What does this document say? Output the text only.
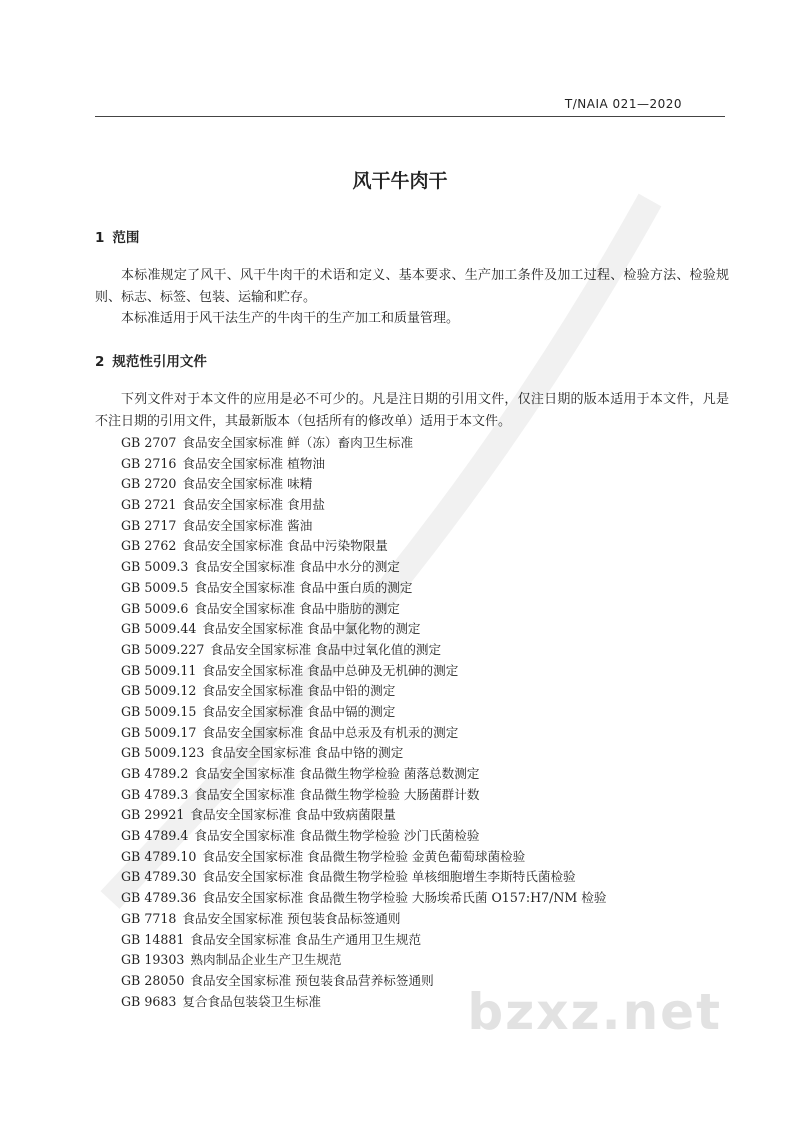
T/NAIA 021—2020
风干牛肉干
1 范围

本标准规定了风干、风干牛肉干的术语和定义、基本要求、生产加工条件及加工过程、检验方法、检验规则、标志、标签、包装、运输和贮存。

本标准适用于风干法生产的牛肉干的生产加工和质量管理。

2 规范性引用文件

下列文件对于本文件的应用是必不可少的。凡是注日期的引用文件，仅注日期的版本适用于本文件，凡是不注日期的引用文件，其最新版本（包括所有的修改单）适用于本文件。

GB 2707 食品安全国家标准 鲜（冻）畜肉卫生标准
GB 2716 食品安全国家标准 植物油
GB 2720 食品安全国家标准 味精
GB 2721 食品安全国家标准 食用盐
GB 2717 食品安全国家标准 酱油
GB 2762 食品安全国家标准 食品中污染物限量
GB 5009.3 食品安全国家标准 食品中水分的测定
GB 5009.5 食品安全国家标准 食品中蛋白质的测定
GB 5009.6 食品安全国家标准 食品中脂肪的测定
GB 5009.44 食品安全国家标准 食品中氯化物的测定
GB 5009.227 食品安全国家标准 食品中过氧化值的测定
GB 5009.11 食品安全国家标准 食品中总砷及无机砷的测定
GB 5009.12 食品安全国家标准 食品中铅的测定
GB 5009.15 食品安全国家标准 食品中镉的测定
GB 5009.17 食品安全国家标准 食品中总汞及有机汞的测定
GB 5009.123 食品安全国家标准 食品中铬的测定
GB 4789.2 食品安全国家标准 食品微生物学检验 菌落总数测定
GB 4789.3 食品安全国家标准 食品微生物学检验 大肠菌群计数
GB 29921 食品安全国家标准 食品中致病菌限量
GB 4789.4 食品安全国家标准 食品微生物学检验 沙门氏菌检验
GB 4789.10 食品安全国家标准 食品微生物学检验 金黄色葡萄球菌检验
GB 4789.30 食品安全国家标准 食品微生物学检验 单核细胞增生李斯特氏菌检验
GB 4789.36 食品安全国家标准 食品微生物学检验 大肠埃希氏菌 O157:H7/NM 检验
GB 7718 食品安全国家标准 预包装食品标签通则
GB 14881 食品安全国家标准 食品生产通用卫生规范
GB 19303 熟肉制品企业生产卫生规范
GB 28050 食品安全国家标准 预包装食品营养标签通则
GB 9683 复合食品包装袋卫生标准	bzxz.net
